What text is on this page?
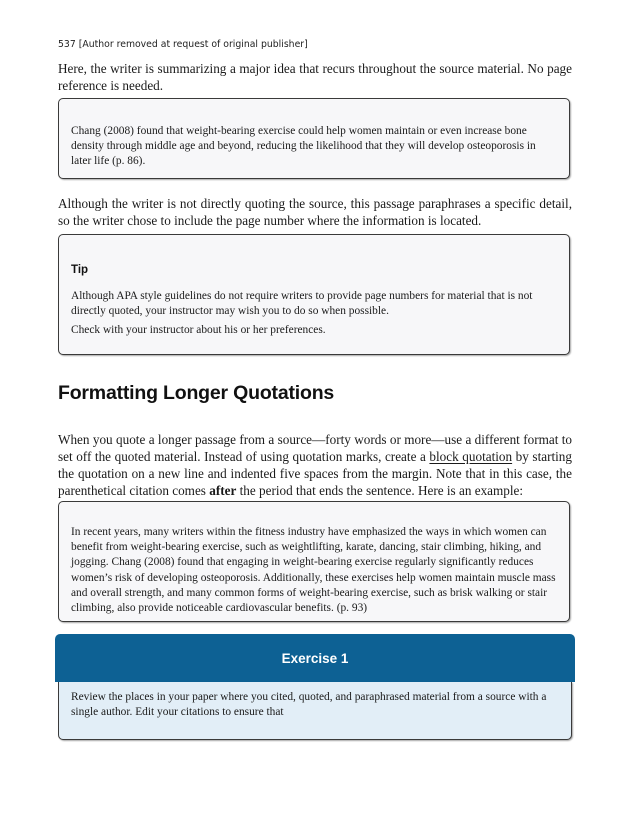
537 [Author removed at request of original publisher]

Here, the writer is summarizing a major idea that recurs throughout the source material. No page reference is needed.

Chang (2008) found that weight-bearing exercise could help women maintain or even increase bone density through middle age and beyond, reducing the likelihood that they will develop osteoporosis in later life (p. 86).

Although the writer is not directly quoting the source, this passage paraphrases a specific detail, so the writer chose to include the page number where the information is located.

Tip

Although APA style guidelines do not require writers to provide page numbers for material that is not directly quoted, your instructor may wish you to do so when possible.

Check with your instructor about his or her preferences.

Formatting Longer Quotations

When you quote a longer passage from a source—forty words or more—use a different format to set off the quoted material. Instead of using quotation marks, create a block quotation by starting the quotation on a new line and indented five spaces from the margin. Note that in this case, the parenthetical citation comes after the period that ends the sentence. Here is an example:

In recent years, many writers within the fitness industry have emphasized the ways in which women can benefit from weight-bearing exercise, such as weightlifting, karate, dancing, stair climbing, hiking, and jogging. Chang (2008) found that engaging in weight-bearing exercise regularly significantly reduces women’s risk of developing osteoporosis. Additionally, these exercises help women maintain muscle mass and overall strength, and many common forms of weight-bearing exercise, such as brisk walking or stair climbing, also provide noticeable cardiovascular benefits. (p. 93)

Exercise 1

Review the places in your paper where you cited, quoted, and paraphrased material from a source with a single author. Edit your citations to ensure that
